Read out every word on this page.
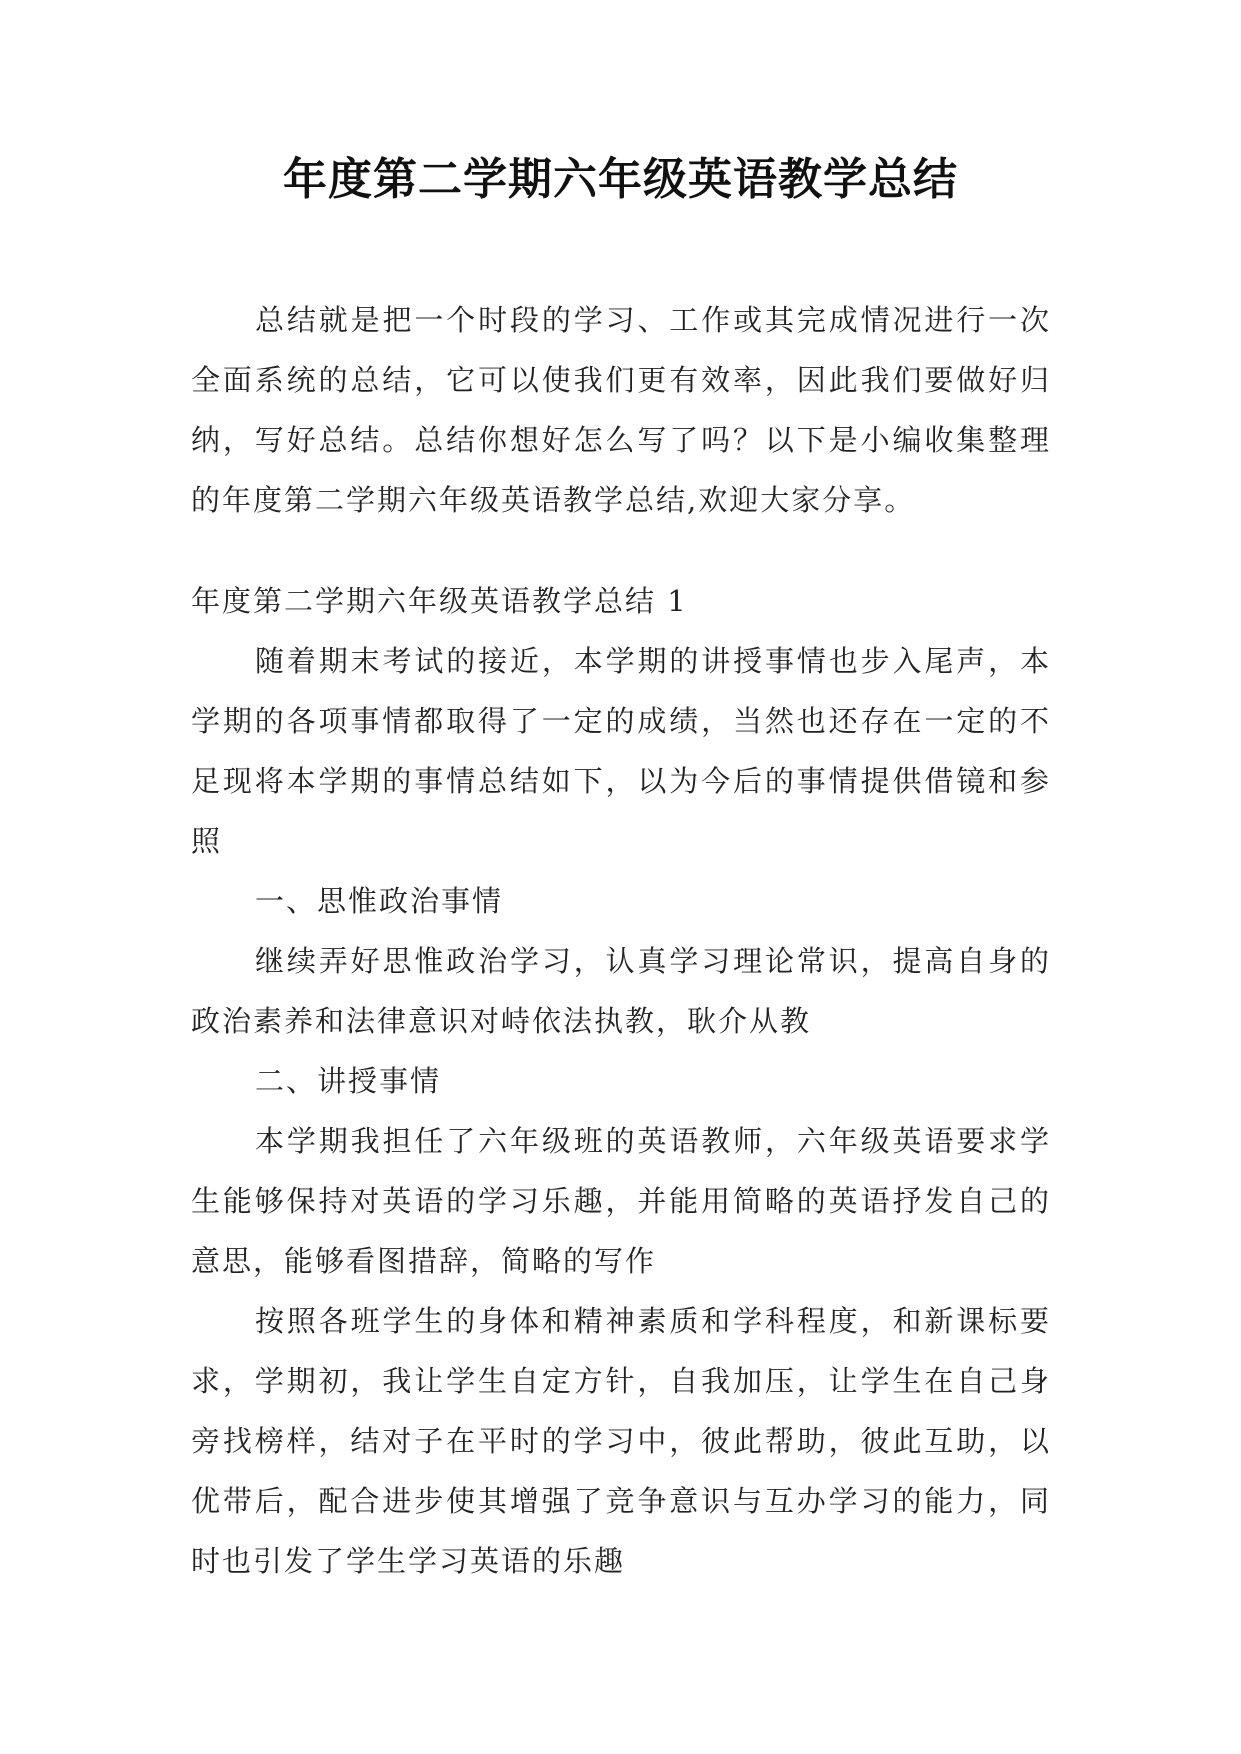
年度第二学期六年级英语教学总结

总结就是把一个时段的学习、工作或其完成情况进行一次全面系统的总结，它可以使我们更有效率，因此我们要做好归纳，写好总结。总结你想好怎么写了吗？以下是小编收集整理的年度第二学期六年级英语教学总结,欢迎大家分享。

年度第二学期六年级英语教学总结 1

随着期末考试的接近，本学期的讲授事情也步入尾声，本学期的各项事情都取得了一定的成绩，当然也还存在一定的不足现将本学期的事情总结如下，以为今后的事情提供借镜和参照

一、思惟政治事情

继续弄好思惟政治学习，认真学习理论常识，提高自身的政治素养和法律意识对峙依法执教，耿介从教

二、讲授事情

本学期我担任了六年级班的英语教师，六年级英语要求学生能够保持对英语的学习乐趣，并能用简略的英语抒发自己的意思，能够看图措辞，简略的写作

按照各班学生的身体和精神素质和学科程度，和新课标要求，学期初，我让学生自定方针，自我加压，让学生在自己身旁找榜样，结对子在平时的学习中，彼此帮助，彼此互助，以优带后，配合进步使其增强了竞争意识与互办学习的能力，同时也引发了学生学习英语的乐趣
